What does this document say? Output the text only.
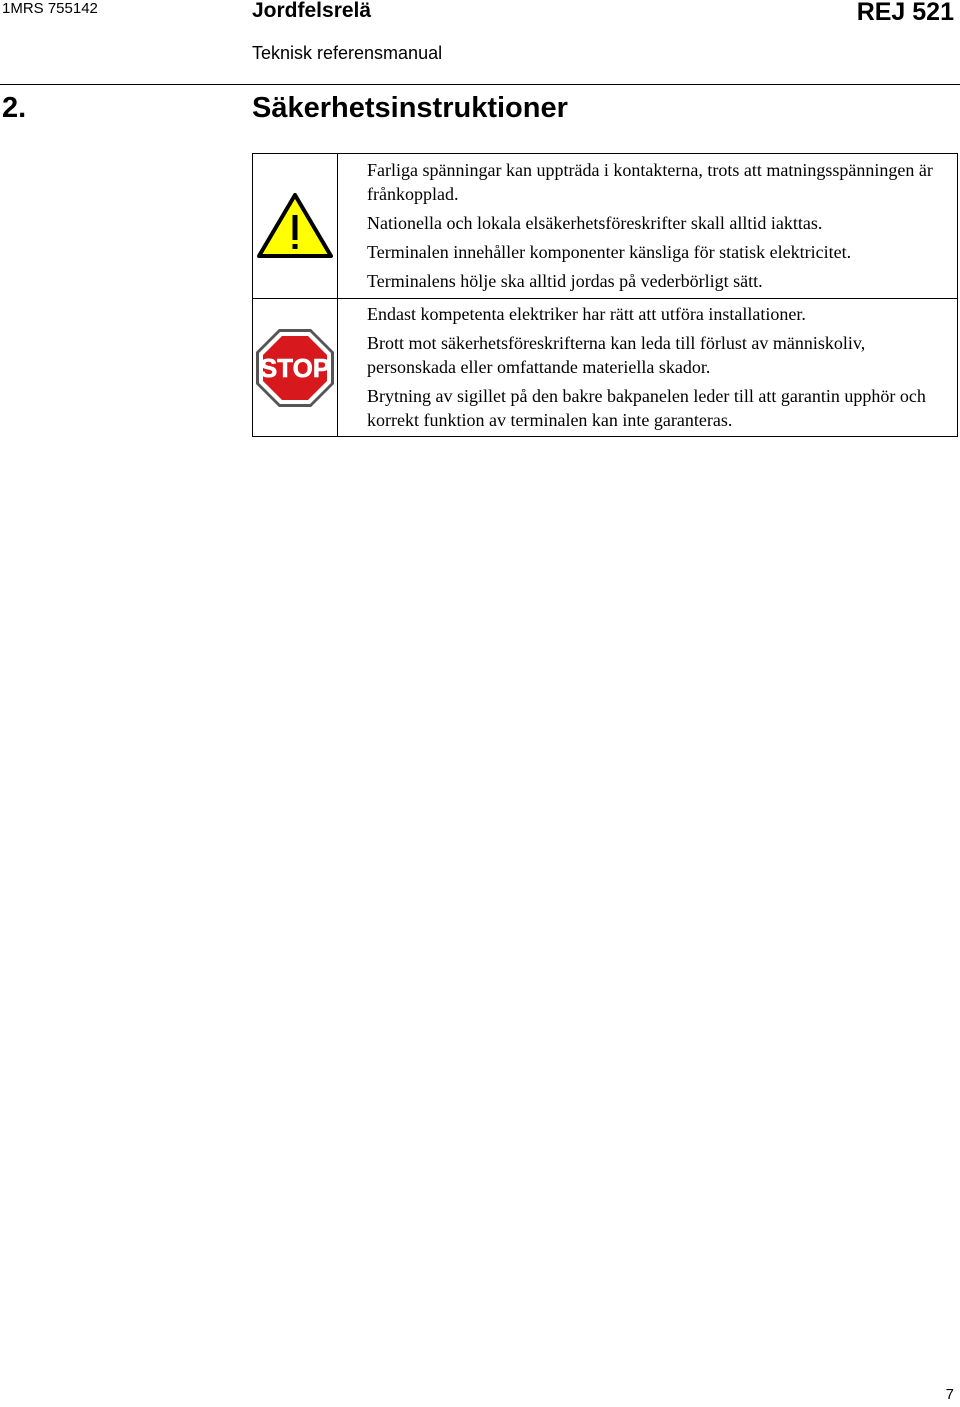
1MRS 755142	Jordfelsrelä	REJ 521
Teknisk referensmanual
2.	Säkerhetsinstruktioner

Farliga spänningar kan uppträda i kontakterna, trots att matningsspänningen är frånkopplad.

Nationella och lokala elsäkerhetsföreskrifter skall alltid iakttas.

Terminalen innehåller komponenter känsliga för statisk elektricitet.

Terminalens hölje ska alltid jordas på vederbörligt sätt.

STOP	Endast kompetenta elektriker har rätt att utföra installationer.

Brott mot säkerhetsföreskrifterna kan leda till förlust av människoliv, personskada eller omfattande materiella skador.

Brytning av sigillet på den bakre bakpanelen leder till att garantin upphör och korrekt funktion av terminalen kan inte garanteras.

7
